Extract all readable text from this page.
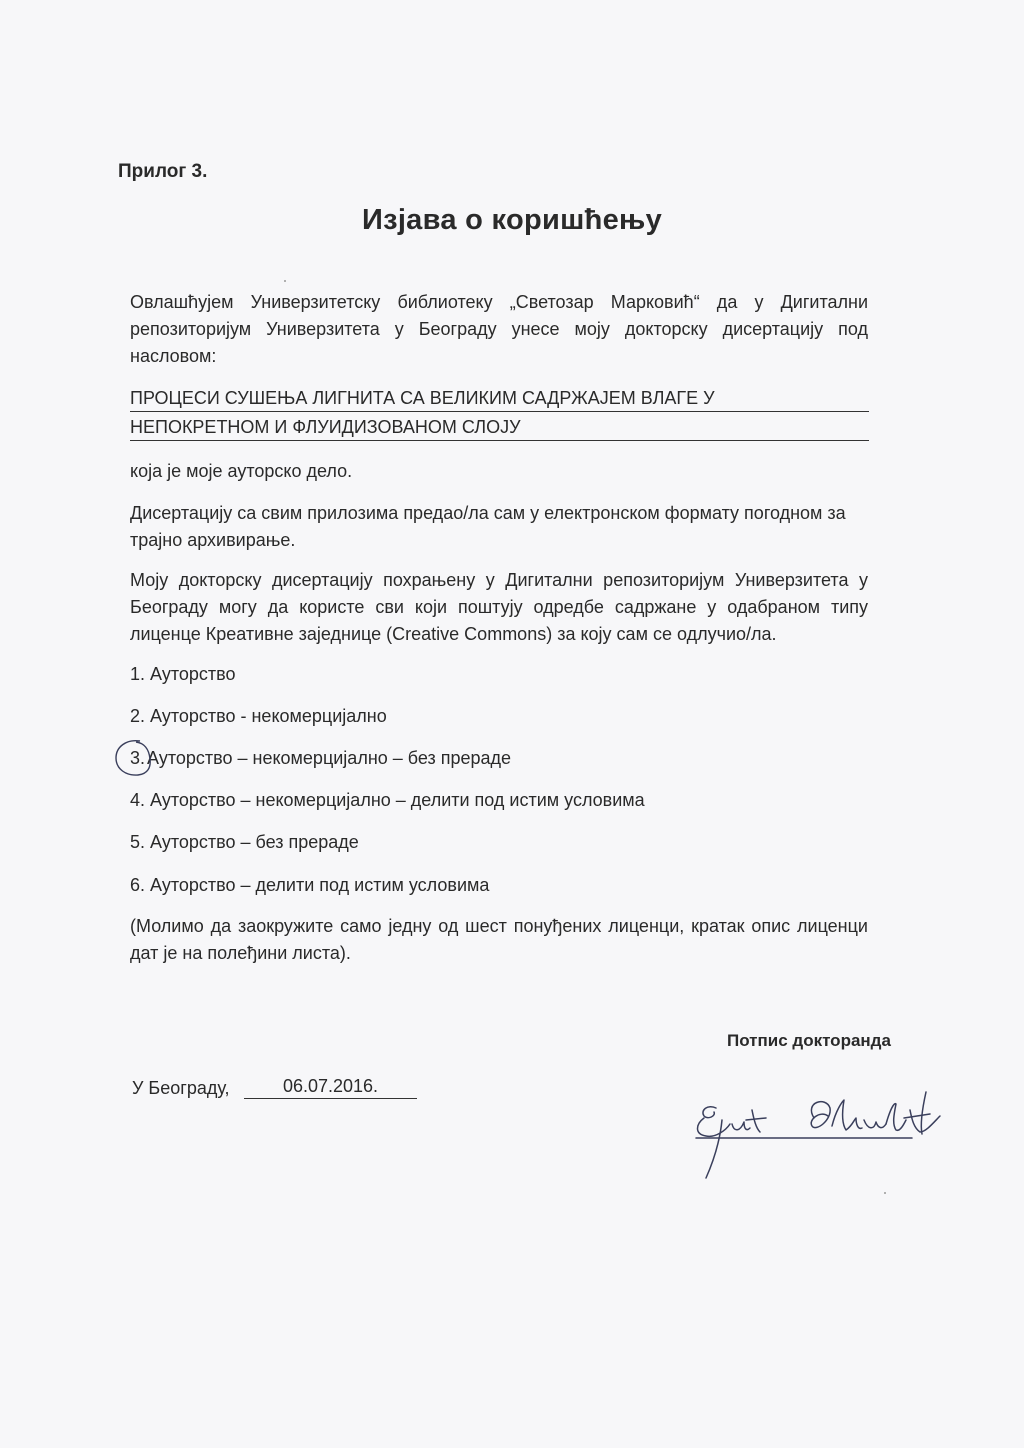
Прилог 3.
Изјава о коришћењу
Овлашћујем Универзитетску библиотеку „Светозар Марковић“ да у Дигитални репозиторијум Универзитета у Београду унесе моју докторску дисертацију под насловом:
ПРОЦЕСИ СУШЕЊА ЛИГНИТА СА ВЕЛИКИМ САДРЖАЈЕМ ВЛАГЕ У
НЕПОКРЕТНОМ И ФЛУИДИЗОВАНОМ СЛОЈУ
која је моје ауторско дело.
Дисертацију са свим прилозима предао/ла сам у електронском формату погодном за трајно архивирање.
Моју докторску дисертацију похрањену у Дигитални репозиторијум Универзитета у Београду могу да користе сви који поштују одредбе садржане у одабраном типу лиценце Креативне заједнице (Creative Commons) за коју сам се одлучио/ла.
1. Ауторство
2. Ауторство - некомерцијално
3. Ауторство – некомерцијално – без прераде
4. Ауторство – некомерцијално – делити под истим условима
5. Ауторство – без прераде
6. Ауторство – делити под истим условима
(Молимо да заокружите само једну од шест понуђених лиценци, кратак опис лиценци дат је на полеђини листа).
Потпис докторанда
У Београду,	06.07.2016.
